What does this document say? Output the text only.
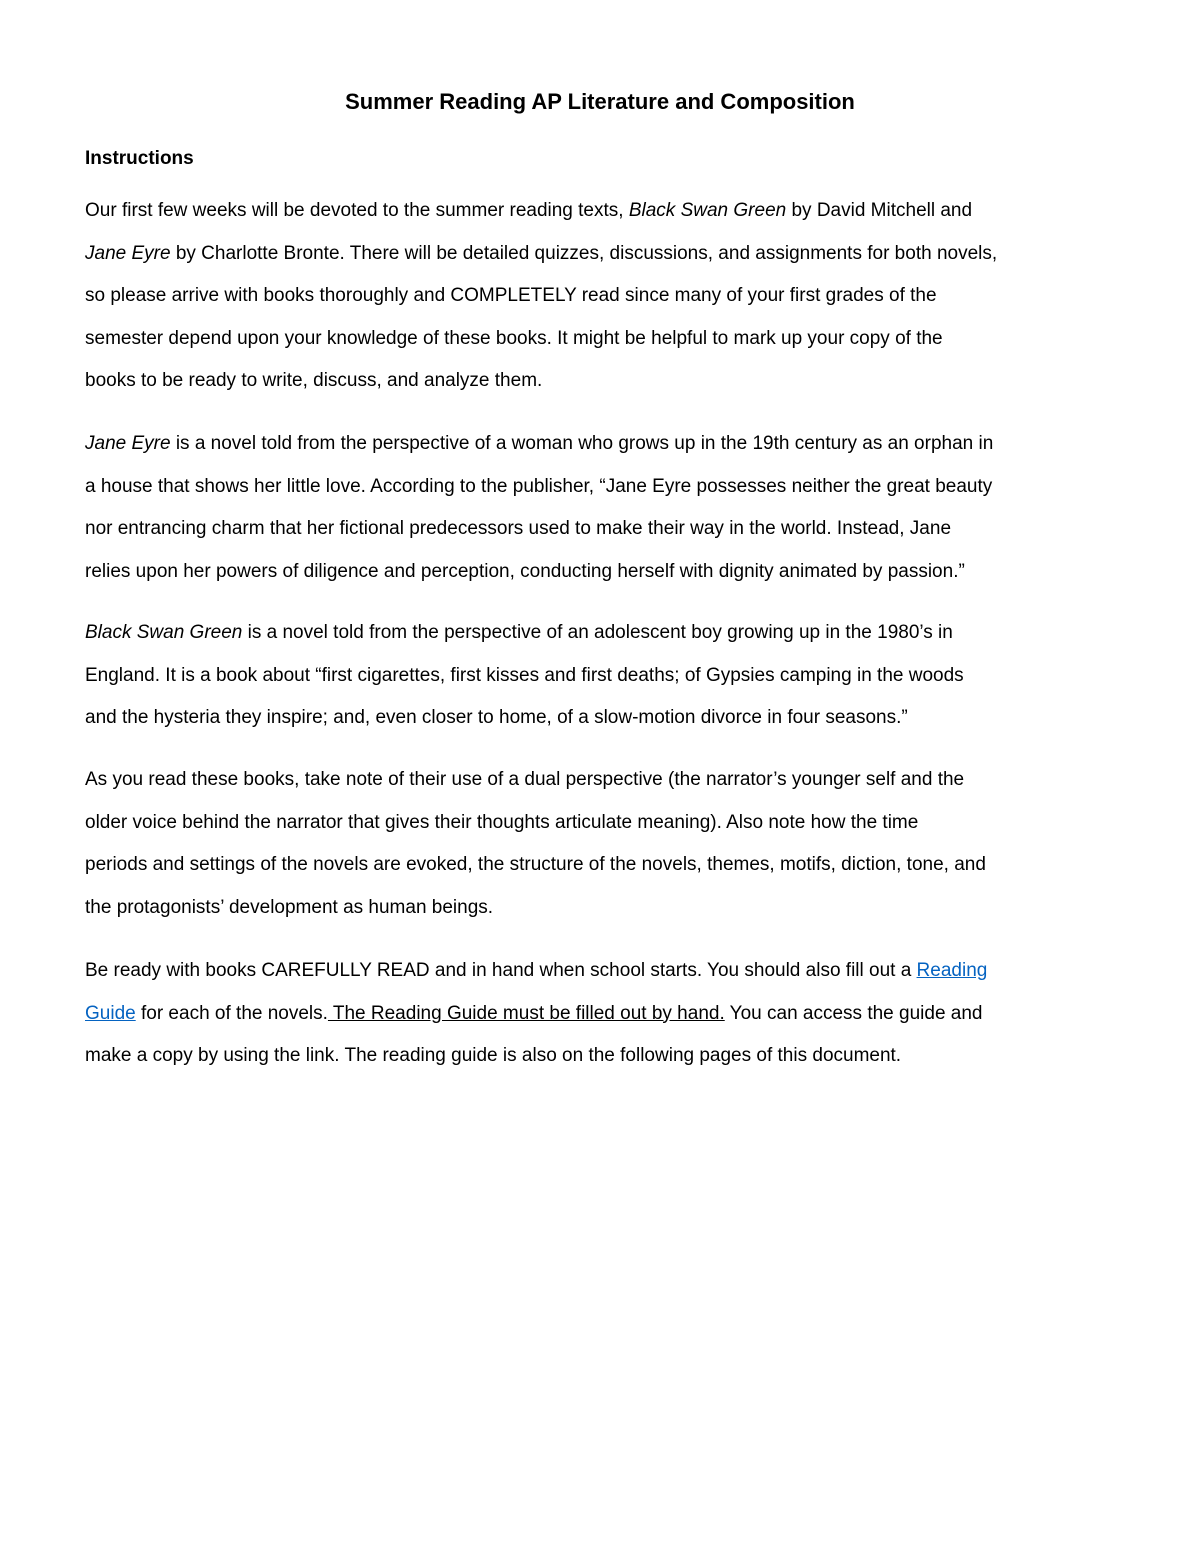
Summer Reading AP Literature and Composition
Instructions
Our first few weeks will be devoted to the summer reading texts, Black Swan Green by David Mitchell and
Jane Eyre by Charlotte Bronte. There will be detailed quizzes, discussions, and assignments for both novels,
so please arrive with books thoroughly and COMPLETELY read since many of your first grades of the
semester depend upon your knowledge of these books. It might be helpful to mark up your copy of the
books to be ready to write, discuss, and analyze them.
Jane Eyre is a novel told from the perspective of a woman who grows up in the 19th century as an orphan in
a house that shows her little love. According to the publisher, “Jane Eyre possesses neither the great beauty
nor entrancing charm that her fictional predecessors used to make their way in the world. Instead, Jane
relies upon her powers of diligence and perception, conducting herself with dignity animated by passion.”
Black Swan Green is a novel told from the perspective of an adolescent boy growing up in the 1980’s in
England. It is a book about “first cigarettes, first kisses and first deaths; of Gypsies camping in the woods
and the hysteria they inspire; and, even closer to home, of a slow-motion divorce in four seasons.”
As you read these books, take note of their use of a dual perspective (the narrator’s younger self and the
older voice behind the narrator that gives their thoughts articulate meaning). Also note how the time
periods and settings of the novels are evoked, the structure of the novels, themes, motifs, diction, tone, and
the protagonists’ development as human beings.
Be ready with books CAREFULLY READ and in hand when school starts. You should also fill out a Reading
Guide for each of the novels. The Reading Guide must be filled out by hand. You can access the guide and
make a copy by using the link. The reading guide is also on the following pages of this document.
